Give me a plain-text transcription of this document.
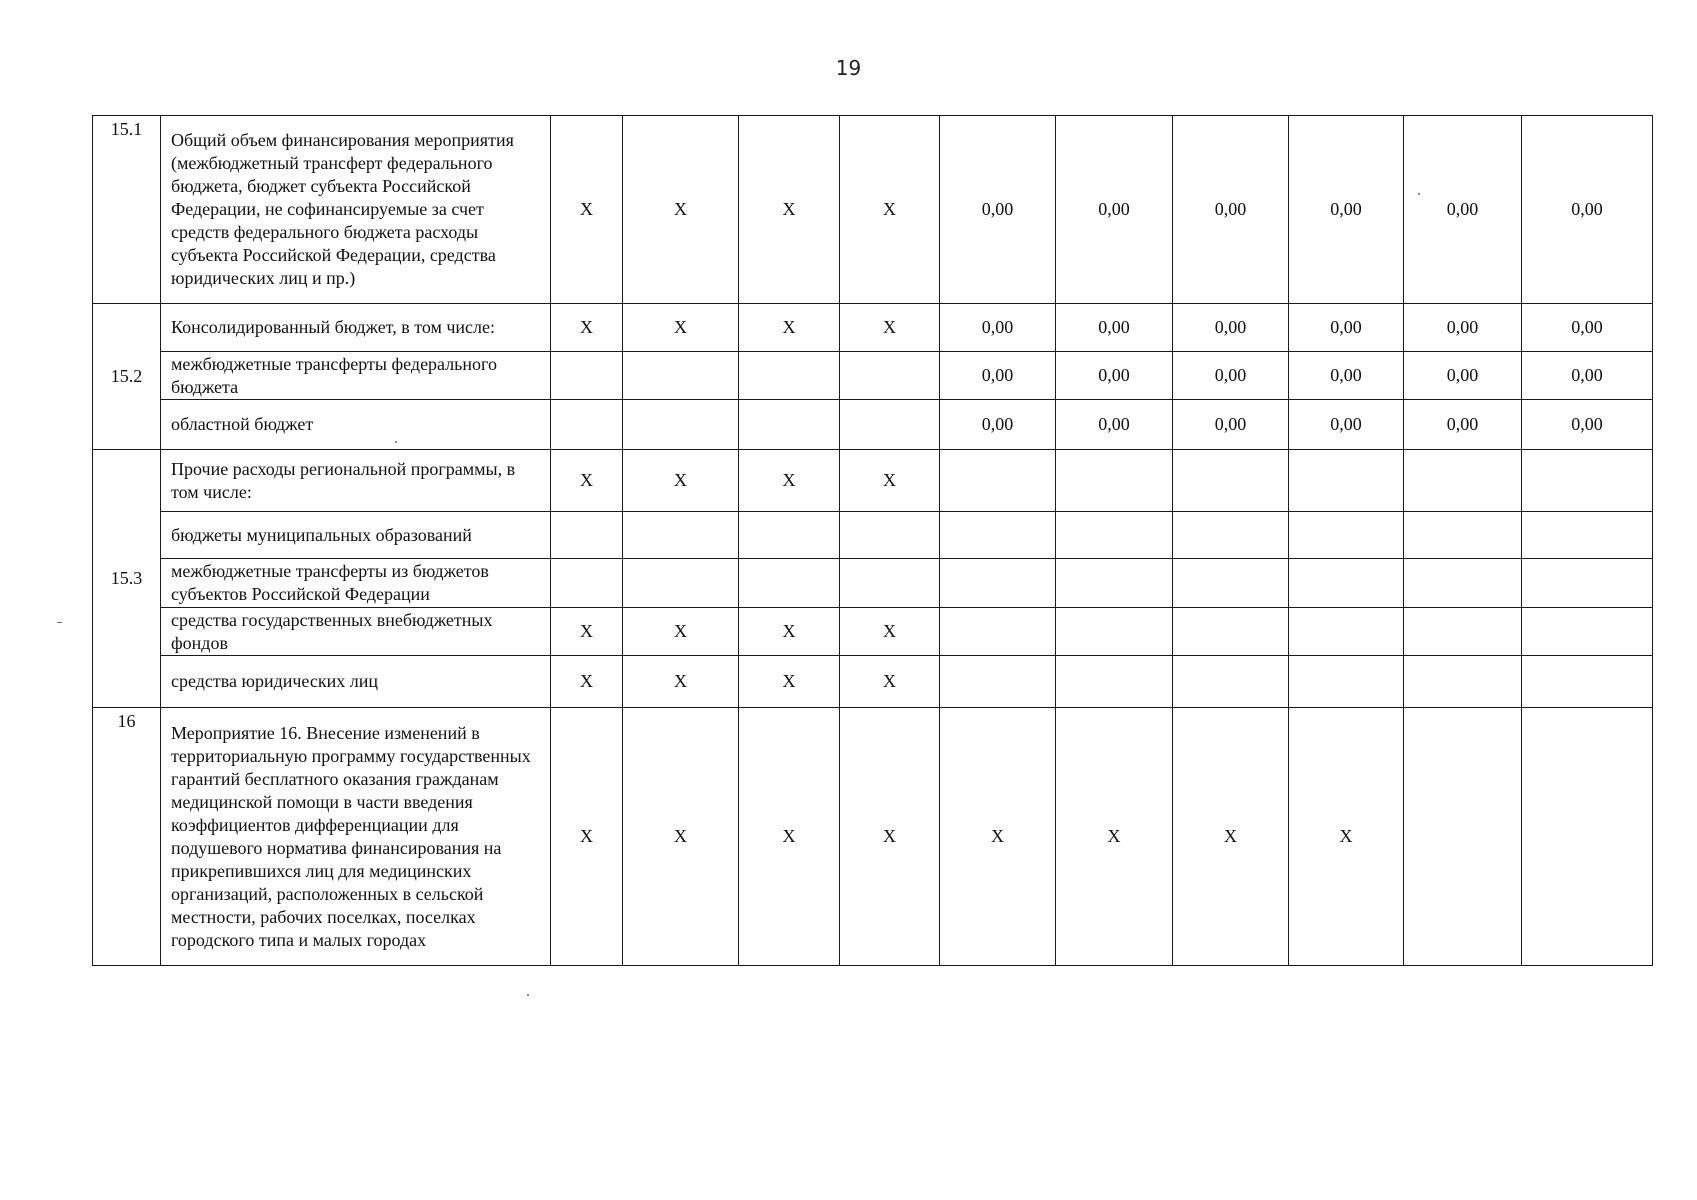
19
15.1	Общий объем финансирования мероприятия (межбюджетный трансферт федерального бюджета, бюджет субъекта Российской Федерации, не софинансируемые за счет средств федерального бюджета расходы субъекта Российской Федерации, средства юридических лиц и пр.)	X	X	X	X	0,00	0,00	0,00	0,00	0,00	0,00
15.2	Консолидированный бюджет, в том числе:	X	X	X	X	0,00	0,00	0,00	0,00	0,00	0,00
	межбюджетные трансферты федерального бюджета					0,00	0,00	0,00	0,00	0,00	0,00
	областной бюджет					0,00	0,00	0,00	0,00	0,00	0,00
15.3	Прочие расходы региональной программы, в том числе:	X	X	X	X						
	бюджеты муниципальных образований										
	межбюджетные трансферты из бюджетов субъектов Российской Федерации										
	средства государственных внебюджетных фондов	X	X	X	X						
	средства юридических лиц	X	X	X	X						
16	Мероприятие 16. Внесение изменений в территориальную программу государственных гарантий бесплатного оказания гражданам медицинской помощи в части введения коэффициентов дифференциации для подушевого норматива финансирования на прикрепившихся лиц для медицинских организаций, расположенных в сельской местности, рабочих поселках, поселках городского типа и малых городах	X	X	X	X	X	X	X	X		
